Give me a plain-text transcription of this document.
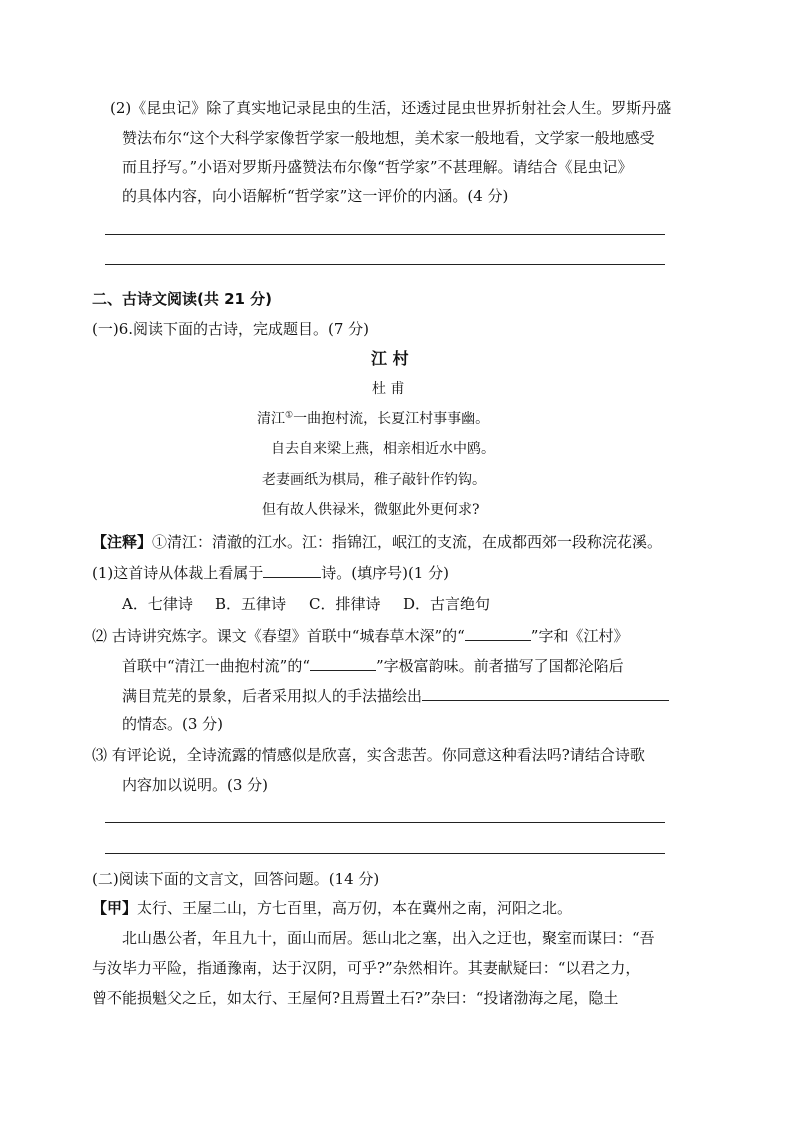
(2)《昆虫记》除了真实地记录昆虫的生活，还透过昆虫世界折射社会人生。罗斯丹盛
赞法布尔“这个大科学家像哲学家一般地想，美术家一般地看，文学家一般地感受
而且抒写。”小语对罗斯丹盛赞法布尔像“哲学家”不甚理解。请结合《昆虫记》
的具体内容，向小语解析“哲学家”这一评价的内涵。(4 分)
二、古诗文阅读(共 21 分)
(一)6.阅读下面的古诗，完成题目。(7 分)
江 村
杜 甫
清江①一曲抱村流，长夏江村事事幽。
自去自来梁上燕，相亲相近水中鸥。
老妻画纸为棋局，稚子敲针作钓钩。
但有故人供禄米，微躯此外更何求?
【注释】①清江：清澈的江水。江：指锦江，岷江的支流，在成都西郊一段称浣花溪。
(1)这首诗从体裁上看属于	诗。(填序号)(1 分)
A．七律诗 B．五律诗 C．排律诗 D．古言绝句
⑵ 古诗讲究炼字。课文《春望》首联中“城春草木深”的“	”字和《江村》
首联中“清江一曲抱村流”的“	”字极富韵味。前者描写了国都沦陷后
满目荒芜的景象，后者采用拟人的手法描绘出
的情态。(3 分)
⑶ 有评论说，全诗流露的情感似是欣喜，实含悲苦。你同意这种看法吗?请结合诗歌
内容加以说明。(3 分)
(二)阅读下面的文言文，回答问题。(14 分)
【甲】太行、王屋二山，方七百里，高万仞，本在冀州之南，河阳之北。
北山愚公者，年且九十，面山而居。惩山北之塞，出入之迂也，聚室而谋曰：“吾
与汝毕力平险，指通豫南，达于汉阴，可乎?”杂然相许。其妻献疑曰：“以君之力，
曾不能损魁父之丘，如太行、王屋何?且焉置土石?”杂曰：“投诸渤海之尾，隐土
